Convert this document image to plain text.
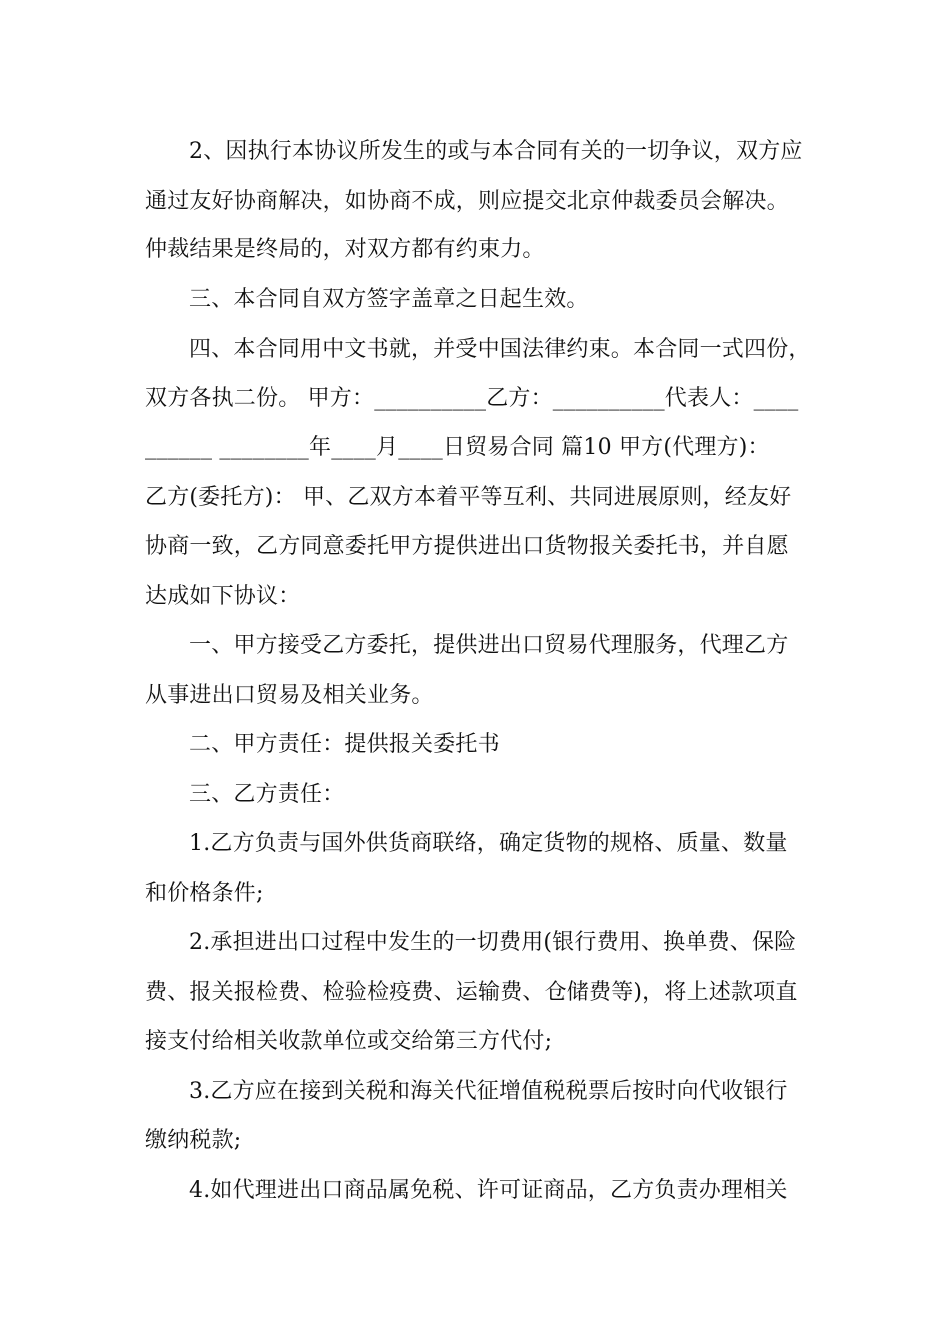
2、因执行本协议所发生的或与本合同有关的一切争议，双方应
通过友好协商解决，如协商不成，则应提交北京仲裁委员会解决。
仲裁结果是终局的，对双方都有约束力。
三、本合同自双方签字盖章之日起生效。
四、本合同用中文书就，并受中国法律约束。本合同一式四份，
双方各执二份。 甲方：__________乙方：__________代表人：____
______ ________年____月____日贸易合同 篇10 甲方(代理方)：
乙方(委托方)： 甲、乙双方本着平等互利、共同进展原则，经友好
协商一致，乙方同意委托甲方提供进出口货物报关委托书，并自愿
达成如下协议：
一、甲方接受乙方委托，提供进出口贸易代理服务，代理乙方
从事进出口贸易及相关业务。
二、甲方责任：提供报关委托书
三、乙方责任：
1.乙方负责与国外供货商联络，确定货物的规格、质量、数量
和价格条件;
2.承担进出口过程中发生的一切费用(银行费用、换单费、保险
费、报关报检费、检验检疫费、运输费、仓储费等)，将上述款项直
接支付给相关收款单位或交给第三方代付;
3.乙方应在接到关税和海关代征增值税税票后按时向代收银行
缴纳税款;
4.如代理进出口商品属免税、许可证商品，乙方负责办理相关
